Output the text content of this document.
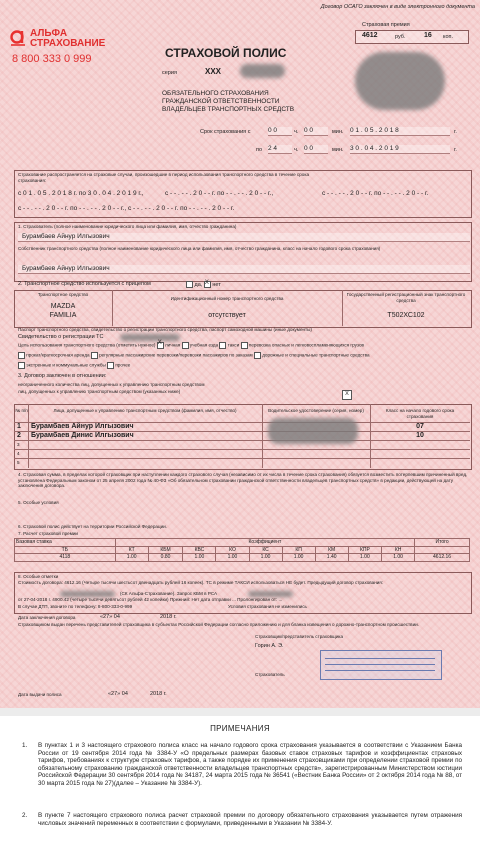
АЛЬФА
СТРАХОВАНИЕ
8 800 333 0 999
Договор ОСАГО заключен в виде электронного документа
СТРАХОВОЙ ПОЛИС
серия	XXX
ОБЯЗАТЕЛЬНОГО СТРАХОВАНИЯ
ГРАЖДАНСКОЙ ОТВЕТСТВЕННОСТИ
ВЛАДЕЛЬЦЕВ ТРАНСПОРТНЫХ СРЕДСТВ
Страховая премия
4612	руб.	16 коп.
Срок страхования с	0 0	ч. 0 0	мин. 0 1 . 0 5 . 2 0 1 8	г.
по 2 4	ч. 0 0	мин. 3 0 . 0 4 . 2 0 1 9	г.
Страхование распространяется на страховые случаи, произошедшие в период использования транспортного средства в течение срока страхования:
с 0 1 . 0 5 . 2 0 1 8 г. по 3 0 . 0 4 . 2 0 1 9 г.,	с - - . - - . 2 0 - - г. по - - . - - . 2 0 - - г.,	с - - . - - . 2 0 - - г. по - - . - - . 2 0 - - г.
с - - . - - . 2 0 - - г. по - - . - - . 2 0 - - г., с - - . - - . 2 0 - - г. по - - . - - . 2 0 - - г.
1. Страхователь (полное наименование юридического лица или фамилия, имя, отчество гражданина)
Бурамбаев Айнур Илгызович
Собственник транспортного средства (полное наименование юридического лица или фамилия, имя, отчество гражданина, класс на начало годового срока страхования)
Бурамбаев Айнур Илгызович
2. Транспортное средство используется с прицепом	да, X нет
Транспортное средство
Идентификационный номер транспортного средства
Государственный регистрационный знак транспортного средства
MAZDA
FAMILIA	отсутствует	Т502ХС102
Паспорт транспортного средства, свидетельство о регистрации транспортного средства, паспорт самоходной машины (иные документы)
Свидетельство о регистрации ТС
Цель использования транспортного средства (отметить нужное) X личная учебная езда такси перевозка опасных и легковоспламеняющихся грузов
прокат/краткосрочная аренда регулярные пассажирские перевозки/перевозки пассажиров по заказам дорожные и специальные транспортные средства
экстренные и коммунальные службы прочее
3. Договор заключен в отношении:
неограниченного количества лиц, допущенных к управлению транспортным средством
лиц, допущенных к управлению транспортным средством (указанных ниже)	X
№ п/п	Лица, допущенные к управлению транспортным средством (фамилия, имя, отчество)	Водительское удостоверение (серия, номер)	Класс на начало годового срока страхования
1 Бурамбаев Айнур Илгызович	07
2 Бурамбаев Динис Илгызович	10
3
4
5
4. Страховая сумма, в пределах которой страховщик при наступлении каждого страхового случая (независимо от их числа в течение срока страхования) обязуется возместить потерпевшим причиненный вред, установлена Федеральным законом от 25 апреля 2002 года № 40-ФЗ «Об обязательном страховании гражданской ответственности владельцев транспортных средств» в редакции, действующей на дату заключения договора.
5. Особые условия
6. Страховой полис действует на территории Российской Федерации.
7. Расчет страховой премии
Базовая ставка	Коэффициент									Итого
ТБ	КТ	КБМ	КВС	КО	КС	КП	КМ	КПР	КН	
4118	1.00	0.80	1.00	1.00	1.00	1.00	1.40	1.00	1.00	4612.16
8. Особые отметки
Стоимость договора: 4612.16 (Четыре тысячи шестьсот двенадцать рублей 16 копеек). ТС в режиме ТАКСИ использоваться НЕ будет. Предыдущий договор страхования:
(СК Альфа-Страхование). Запрос КБМ в РСА
от 27-04-2018 г. 4900.42 (четыре тысячи девятьсот рублей 42 копейки) Прежний: Нет дата отправки ... Пролонгирован от: ...
В случае ДТП, звоните по телефону: 8-800-333-0-999	Условия страхования не изменились
Дата заключения договора	«27» 04	2018 г.
Страховщиком выдан перечень представителей страховщика в субъектах Российской Федерации согласно приложению и для бланка извещения о дорожно-транспортном происшествии.
Страховщик/представитель страховщика
Горин А. Э.
Страхователь
Дата выдачи полиса	«27» 04	2018 г.
ПРИМЕЧАНИЯ
1.	В пунктах 1 и 3 настоящего страхового полиса класс на начало годового срока страхования указывается в соответствии с Указанием Банка России от 19 сентября 2014 года № 3384-У «О предельных размерах базовых ставок страховых тарифов и коэффициентах страховых тарифов, требованиях к структуре страховых тарифов, а также порядке их применения страховщиками при определении страховой премии по обязательному страхованию гражданской ответственности владельцев транспортных средств», зарегистрированным Министерством юстиции Российской Федерации 30 сентября 2014 года № 34187, 24 марта 2015 года № 36541 («Вестник Банка России» от 2 октября 2014 года № 88, от 30 марта 2015 года № 27)(далее – Указание № 3384-У).
2.	В пункте 7 настоящего страхового полиса расчет страховой премии по договору обязательного страхования указывается путем отражения числовых значений переменных в соответствии с формулами, приведенными в Указании № 3384-У.
